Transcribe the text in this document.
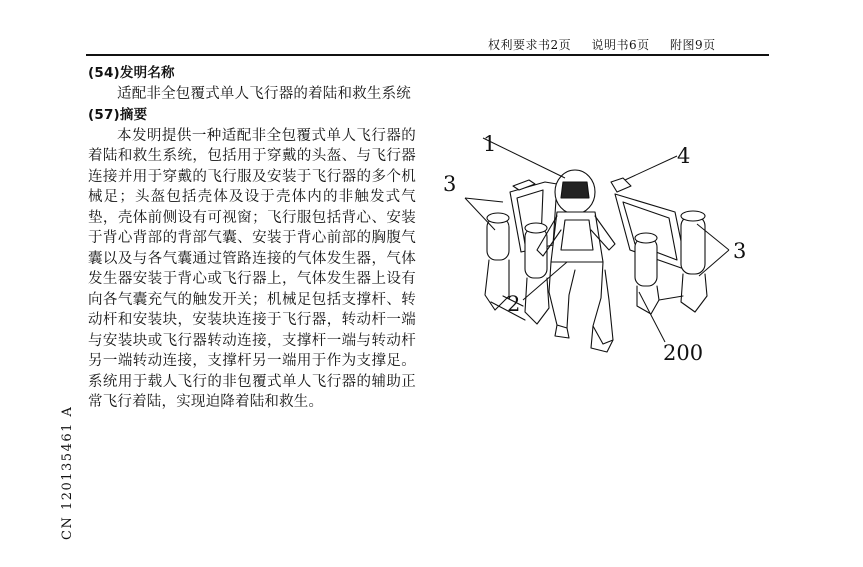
权利要求书2页 说明书6页 附图9页
(54)发明名称
适配非全包覆式单人飞行器的着陆和救生系统
(57)摘要
本发明提供一种适配非全包覆式单人飞行器的着陆和救生系统，包括用于穿戴的头盔、与飞行器连接并用于穿戴的飞行服及安装于飞行器的多个机械足；头盔包括壳体及设于壳体内的非触发式气垫，壳体前侧设有可视窗；飞行服包括背心、安装于背心背部的背部气囊、安装于背心前部的胸腹气囊以及与各气囊通过管路连接的气体发生器，气体发生器安装于背心或飞行器上，气体发生器上设有向各气囊充气的触发开关；机械足包括支撑杆、转动杆和安装块，安装块连接于飞行器，转动杆一端与安装块或飞行器转动连接，支撑杆一端与转动杆另一端转动连接，支撑杆另一端用于作为支撑足。系统用于载人飞行的非包覆式单人飞行器的辅助正常飞行着陆，实现迫降着陆和救生。
CN 120135461 A
1	4
3
3
2
200
